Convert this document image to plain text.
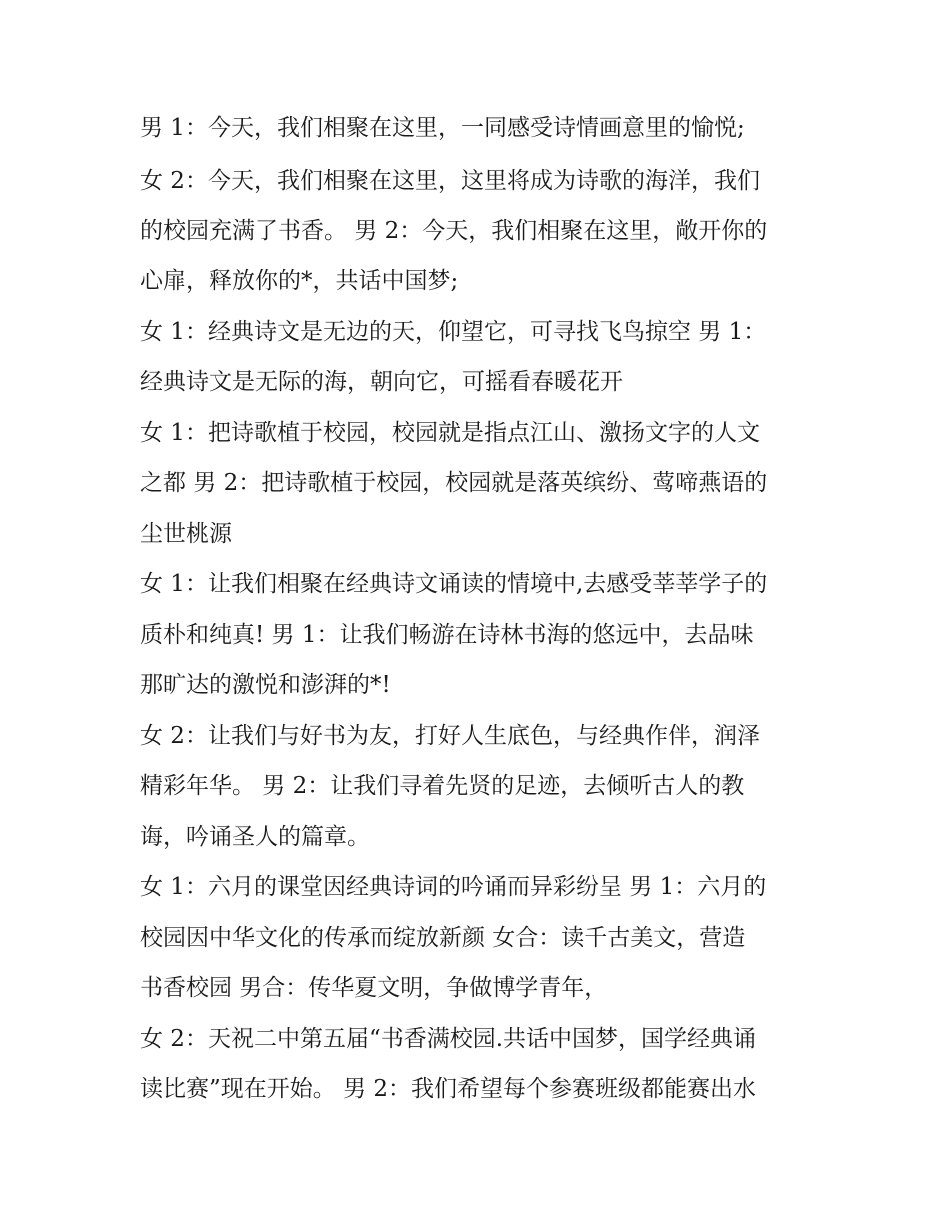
男 1：今天，我们相聚在这里，一同感受诗情画意里的愉悦;
女 2：今天，我们相聚在这里，这里将成为诗歌的海洋，我们
的校园充满了书香。 男 2：今天，我们相聚在这里，敞开你的
心扉，释放你的*，共话中国梦;
女 1：经典诗文是无边的天，仰望它，可寻找飞鸟掠空 男 1：
经典诗文是无际的海，朝向它，可摇看春暖花开
女 1：把诗歌植于校园，校园就是指点江山、激扬文字的人文
之都 男 2：把诗歌植于校园，校园就是落英缤纷、莺啼燕语的
尘世桃源
女 1：让我们相聚在经典诗文诵读的情境中,去感受莘莘学子的
质朴和纯真! 男 1：让我们畅游在诗林书海的悠远中，去品味
那旷达的激悦和澎湃的*!
女 2：让我们与好书为友，打好人生底色，与经典作伴，润泽
精彩年华。 男 2：让我们寻着先贤的足迹，去倾听古人的教
诲，吟诵圣人的篇章。
女 1：六月的课堂因经典诗词的吟诵而异彩纷呈 男 1：六月的
校园因中华文化的传承而绽放新颜 女合：读千古美文，营造
书香校园 男合：传华夏文明，争做博学青年，
女 2：天祝二中第五届“书香满校园.共话中国梦，国学经典诵
读比赛”现在开始。 男 2：我们希望每个参赛班级都能赛出水
